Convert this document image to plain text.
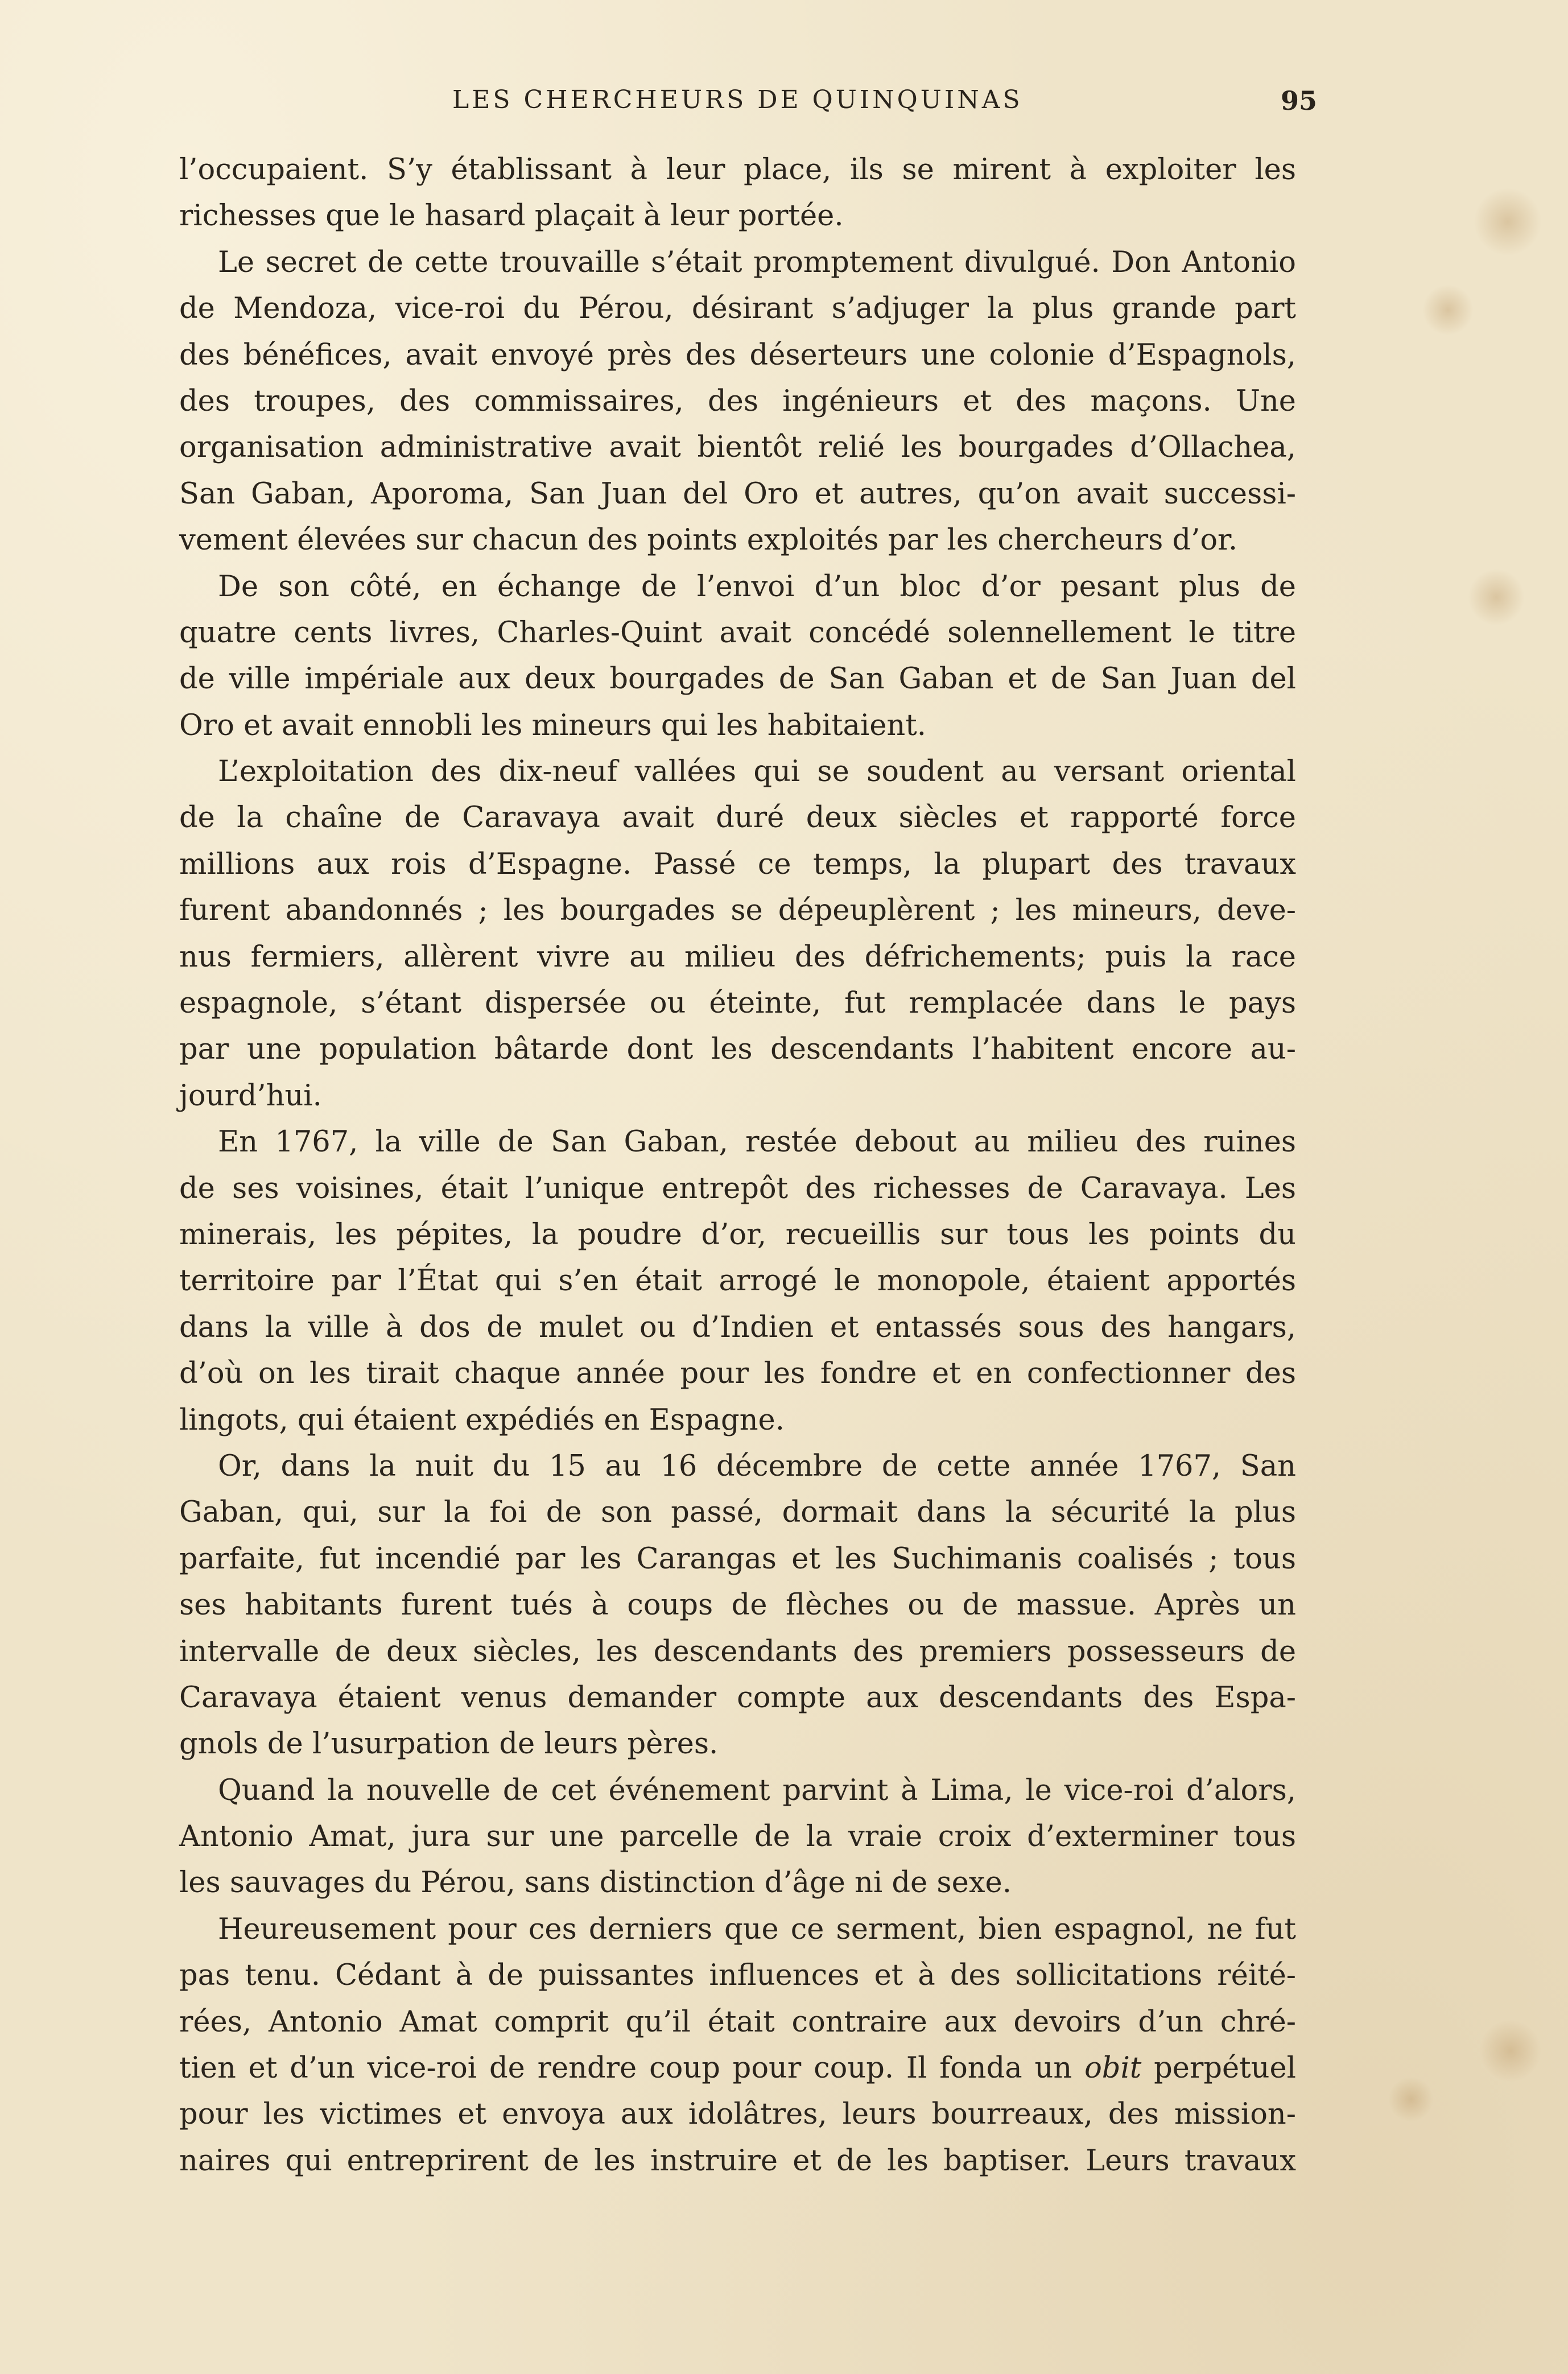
LES CHERCHEURS DE QUINQUINAS	95
l’occupaient. S’y établissant à leur place, ils se mirent à exploiter les
richesses que le hasard plaçait à leur portée.
Le secret de cette trouvaille s’était promptement divulgué. Don Antonio
de Mendoza, vice-roi du Pérou, désirant s’adjuger la plus grande part
des bénéfices, avait envoyé près des déserteurs une colonie d’Espagnols,
des troupes, des commissaires, des ingénieurs et des maçons. Une
organisation administrative avait bientôt relié les bourgades d’Ollachea,
San Gaban, Aporoma, San Juan del Oro et autres, qu’on avait successi-
vement élevées sur chacun des points exploités par les chercheurs d’or.
De son côté, en échange de l’envoi d’un bloc d’or pesant plus de
quatre cents livres, Charles-Quint avait concédé solennellement le titre
de ville impériale aux deux bourgades de San Gaban et de San Juan del
Oro et avait ennobli les mineurs qui les habitaient.
L’exploitation des dix-neuf vallées qui se soudent au versant oriental
de la chaîne de Caravaya avait duré deux siècles et rapporté force
millions aux rois d’Espagne. Passé ce temps, la plupart des travaux
furent abandonnés ; les bourgades se dépeuplèrent ; les mineurs, deve-
nus fermiers, allèrent vivre au milieu des défrichements; puis la race
espagnole, s’étant dispersée ou éteinte, fut remplacée dans le pays
par une population bâtarde dont les descendants l’habitent encore au-
jourd’hui.
En 1767, la ville de San Gaban, restée debout au milieu des ruines
de ses voisines, était l’unique entrepôt des richesses de Caravaya. Les
minerais, les pépites, la poudre d’or, recueillis sur tous les points du
territoire par l’État qui s’en était arrogé le monopole, étaient apportés
dans la ville à dos de mulet ou d’Indien et entassés sous des hangars,
d’où on les tirait chaque année pour les fondre et en confectionner des
lingots, qui étaient expédiés en Espagne.
Or, dans la nuit du 15 au 16 décembre de cette année 1767, San
Gaban, qui, sur la foi de son passé, dormait dans la sécurité la plus
parfaite, fut incendié par les Carangas et les Suchimanis coalisés ; tous
ses habitants furent tués à coups de flèches ou de massue. Après un
intervalle de deux siècles, les descendants des premiers possesseurs de
Caravaya étaient venus demander compte aux descendants des Espa-
gnols de l’usurpation de leurs pères.
Quand la nouvelle de cet événement parvint à Lima, le vice-roi d’alors,
Antonio Amat, jura sur une parcelle de la vraie croix d’exterminer tous
les sauvages du Pérou, sans distinction d’âge ni de sexe.
Heureusement pour ces derniers que ce serment, bien espagnol, ne fut
pas tenu. Cédant à de puissantes influences et à des sollicitations réité-
rées, Antonio Amat comprit qu’il était contraire aux devoirs d’un chré-
tien et d’un vice-roi de rendre coup pour coup. Il fonda un obit perpétuel
pour les victimes et envoya aux idolâtres, leurs bourreaux, des mission-
naires qui entreprirent de les instruire et de les baptiser. Leurs travaux
